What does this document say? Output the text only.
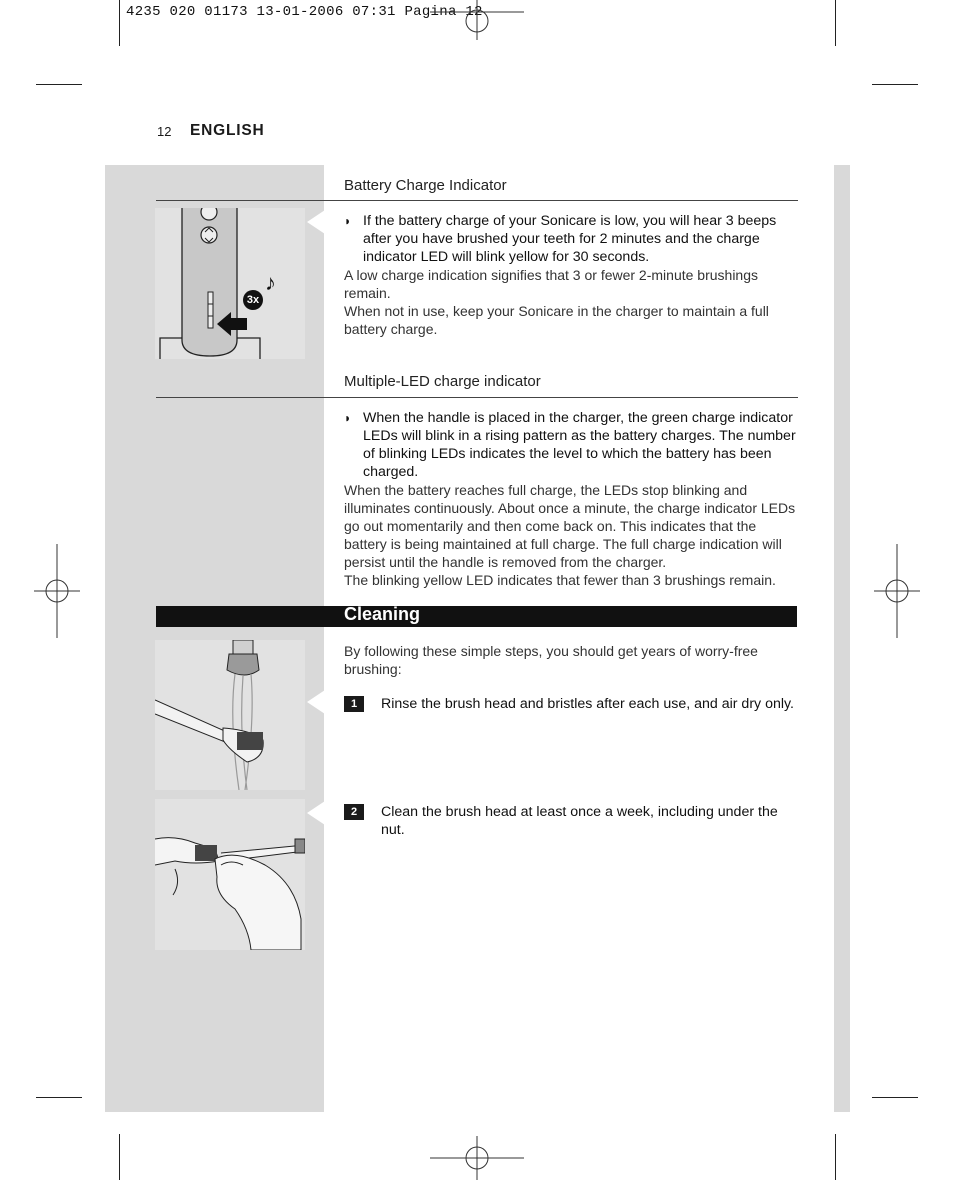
4235 020 01173 13-01-2006 07:31 Pagina 12
12 ENGLISH
Battery Charge Indicator
3x
♪
◗ If the battery charge of your Sonicare is low, you will hear 3 beeps after you have brushed your teeth for 2 minutes and the charge indicator LED will blink yellow for 30 seconds.

A low charge indication signifies that 3 or fewer 2-minute brushings remain.

When not in use, keep your Sonicare in the charger to maintain a full battery charge.

Multiple-LED charge indicator
◗ When the handle is placed in the charger, the green charge indicator LEDs will blink in a rising pattern as the battery charges. The number of blinking LEDs indicates the level to which the battery has been charged.

When the battery reaches full charge, the LEDs stop blinking and illuminates continuously. About once a minute, the charge indicator LEDs go out momentarily and then come back on. This indicates that the battery is being maintained at full charge. The full charge indication will persist until the handle is removed from the charger.

The blinking yellow LED indicates that fewer than 3 brushings remain.

Cleaning
By following these simple steps, you should get years of worry-free brushing:
1	Rinse the brush head and bristles after each use, and air dry only.
2	Clean the brush head at least once a week, including under the nut.
